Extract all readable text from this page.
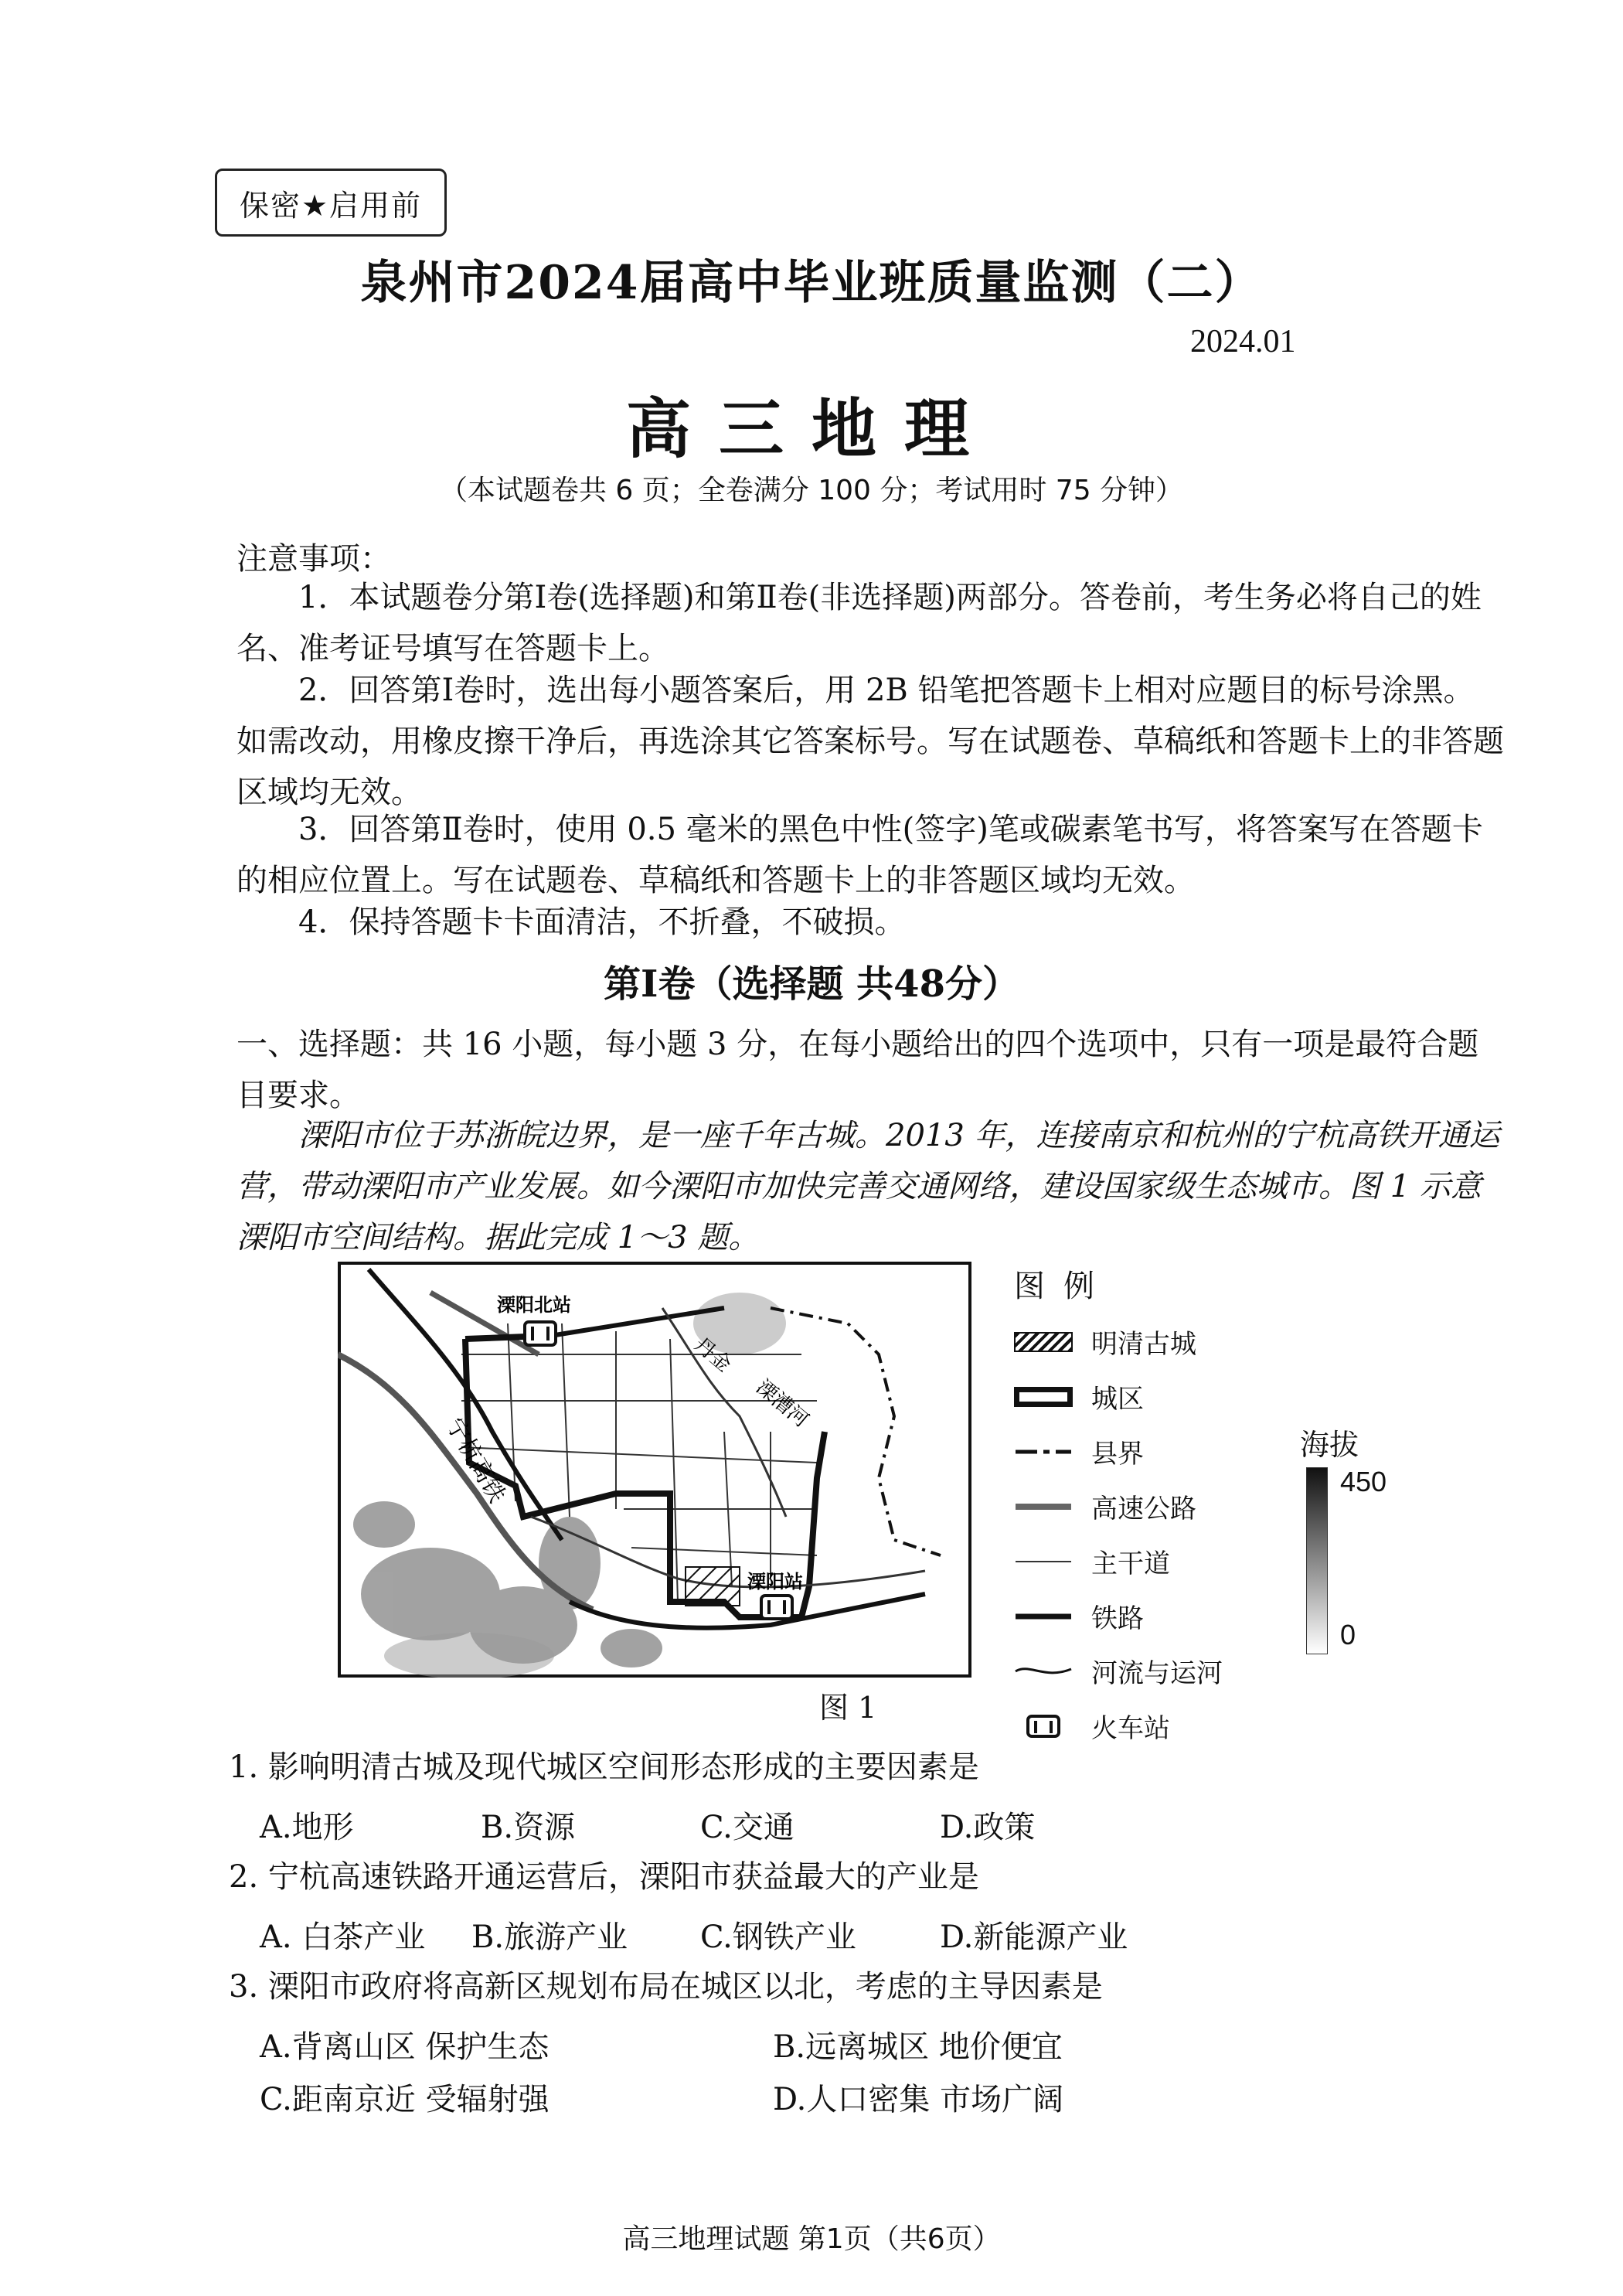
保密★启用前
泉州市2024届高中毕业班质量监测（二）
2024.01
高三地理
（本试题卷共 6 页；全卷满分 100 分；考试用时 75 分钟）
注意事项：
1．本试题卷分第Ⅰ卷(选择题)和第Ⅱ卷(非选择题)两部分。答卷前，考生务必将自己的姓名、准考证号填写在答题卡上。
2．回答第Ⅰ卷时，选出每小题答案后，用 2B 铅笔把答题卡上相对应题目的标号涂黑。如需改动，用橡皮擦干净后，再选涂其它答案标号。写在试题卷、草稿纸和答题卡上的非答题区域均无效。
3．回答第Ⅱ卷时，使用 0.5 毫米的黑色中性(签字)笔或碳素笔书写，将答案写在答题卡的相应位置上。写在试题卷、草稿纸和答题卡上的非答题区域均无效。
4．保持答题卡卡面清洁，不折叠，不破损。
第Ⅰ卷（选择题 共48分）
一、选择题：共 16 小题，每小题 3 分，在每小题给出的四个选项中，只有一项是最符合题目要求。
溧阳市位于苏浙皖边界，是一座千年古城。2013 年，连接南京和杭州的宁杭高铁开通运营，带动溧阳市产业发展。如今溧阳市加快完善交通网络，建设国家级生态城市。图 1 示意溧阳市空间结构。据此完成 1～3 题。
溧阳北站
溧阳站
宁杭高铁
丹金
溧漕河
图 1
图例
明清古城
城区
县界
高速公路
主干道
铁路
河流与运河
火车站
海拔
450
0
1. 影响明清古城及现代城区空间形态形成的主要因素是
A.地形	B.资源	C.交通	D.政策
2. 宁杭高速铁路开通运营后，溧阳市获益最大的产业是
A. 白茶产业 B.旅游产业 C.钢铁产业	D.新能源产业
3. 溧阳市政府将高新区规划布局在城区以北，考虑的主导因素是
A.背离山区 保护生态	B.远离城区 地价便宜
C.距南京近 受辐射强	D.人口密集 市场广阔
高三地理试题 第1页（共6页）
